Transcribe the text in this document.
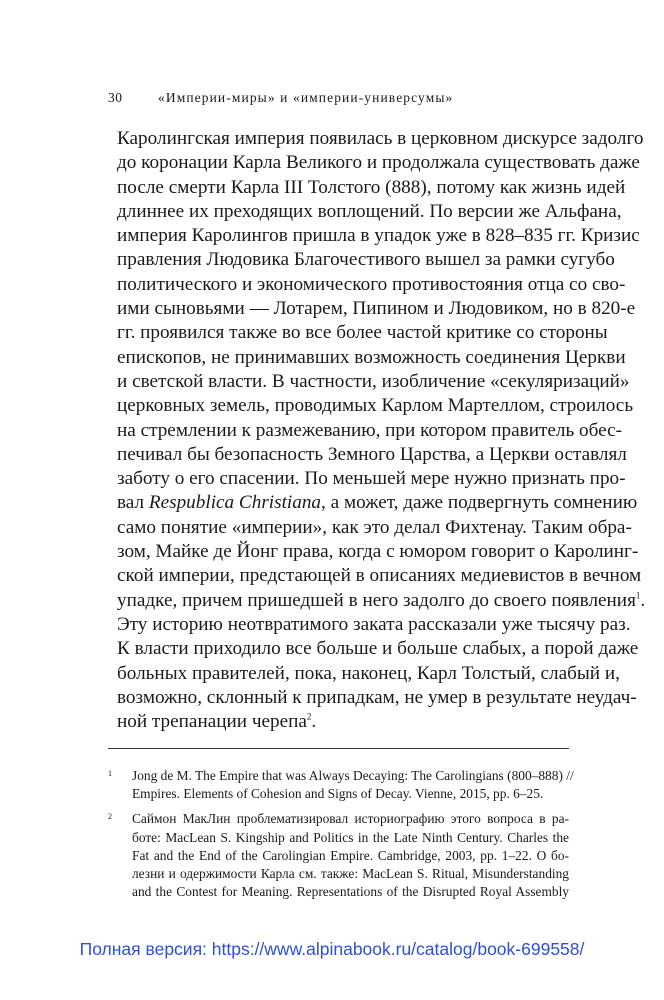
30	«Империи-миры» и «империи-универсумы»
Каролингская империя появилась в церковном дискурсе задолго
до коронации Карла Великого и продолжала существовать даже
после смерти Карла III Толстого (888), потому как жизнь идей
длиннее их преходящих воплощений. По версии же Альфана,
империя Каролингов пришла в упадок уже в 828–835 гг. Кризис
правления Людовика Благочестивого вышел за рамки сугубо
политического и экономического противостояния отца со сво-
ими сыновьями — Лотарем, Пипином и Людовиком, но в 820-е
гг. проявился также во все более частой критике со стороны
епископов, не принимавших возможность соединения Церкви
и светской власти. В частности, изобличение «секуляризаций»
церковных земель, проводимых Карлом Мартеллом, строилось
на стремлении к размежеванию, при котором правитель обес-
печивал бы безопасность Земного Царства, а Церкви оставлял
заботу о его спасении. По меньшей мере нужно признать про-
вал Respublica Christiana, а может, даже подвергнуть сомнению
само понятие «империи», как это делал Фихтенау. Таким обра-
зом, Майке де Йонг права, когда с юмором говорит о Каролинг-
ской империи, предстающей в описаниях медиевистов в вечном
упадке, причем пришедшей в него задолго до своего появления$^1$.
Эту историю неотвратимого заката рассказали уже тысячу раз.
К власти приходило все больше и больше слабых, а порой даже
больных правителей, пока, наконец, Карл Толстый, слабый и,
возможно, склонный к припадкам, не умер в результате неудач-
ной трепанации черепа$^2$.
1 Jong de M. The Empire that was Always Decaying: The Carolingians (800–888) //
Empires. Elements of Cohesion and Signs of Decay. Vienne, 2015, pp. 6–25.
2 Саймон МакЛин проблематизировал историографию этого вопроса в ра-
боте: MacLean S. Kingship and Politics in the Late Ninth Century. Charles the
Fat and the End of the Carolingian Empire. Cambridge, 2003, pp. 1–22. О бо-
лезни и одержимости Карла см. также: MacLean S. Ritual, Misunderstanding
and the Contest for Meaning. Representations of the Disrupted Royal Assembly
Полная версия: https://www.alpinabook.ru/catalog/book-699558/
